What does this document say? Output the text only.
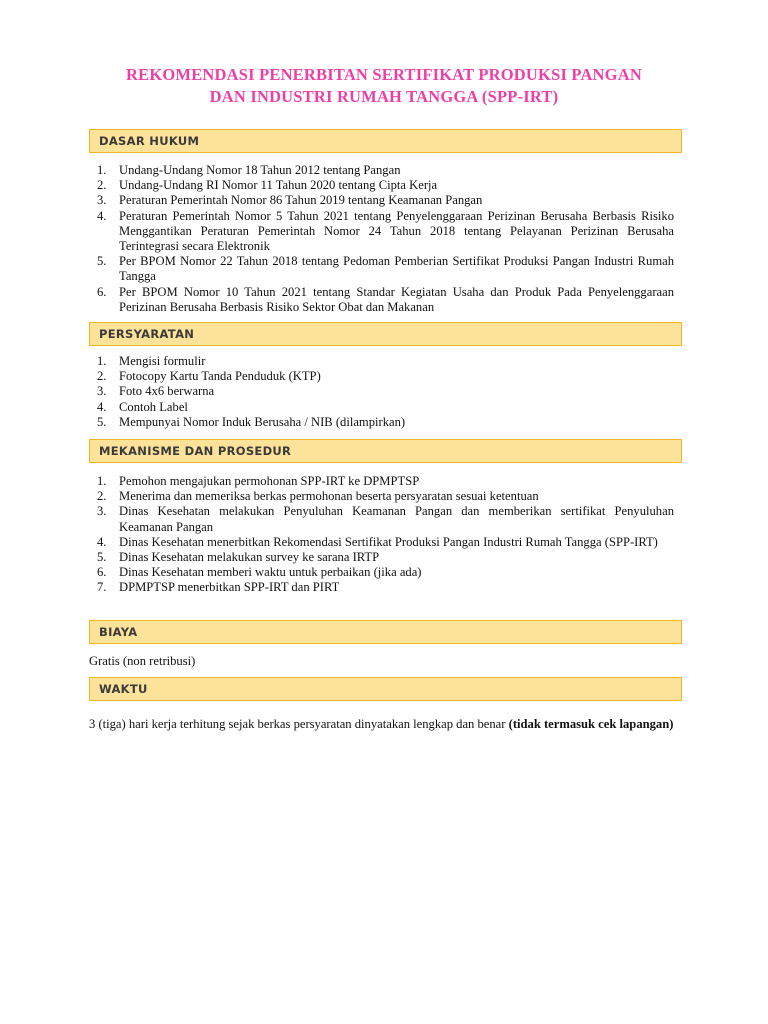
REKOMENDASI PENERBITAN SERTIFIKAT PRODUKSI PANGAN
DAN INDUSTRI RUMAH TANGGA (SPP-IRT)
DASAR HUKUM
1. Undang-Undang Nomor 18 Tahun 2012 tentang Pangan
2. Undang-Undang RI Nomor 11 Tahun 2020 tentang Cipta Kerja
3. Peraturan Pemerintah Nomor 86 Tahun 2019 tentang Keamanan Pangan
4. Peraturan Pemerintah Nomor 5 Tahun 2021 tentang Penyelenggaraan Perizinan Berusaha Berbasis Risiko Menggantikan Peraturan Pemerintah Nomor 24 Tahun 2018 tentang Pelayanan Perizinan Berusaha Terintegrasi secara Elektronik
5. Per BPOM Nomor 22 Tahun 2018 tentang Pedoman Pemberian Sertifikat Produksi Pangan Industri Rumah Tangga
6. Per BPOM Nomor 10 Tahun 2021 tentang Standar Kegiatan Usaha dan Produk Pada Penyelenggaraan Perizinan Berusaha Berbasis Risiko Sektor Obat dan Makanan
PERSYARATAN
1. Mengisi formulir
2. Fotocopy Kartu Tanda Penduduk (KTP)
3. Foto 4x6 berwarna
4. Contoh Label
5. Mempunyai Nomor Induk Berusaha / NIB (dilampirkan)
MEKANISME DAN PROSEDUR
1. Pemohon mengajukan permohonan SPP-IRT ke DPMPTSP
2. Menerima dan memeriksa berkas permohonan beserta persyaratan sesuai ketentuan
3. Dinas Kesehatan melakukan Penyuluhan Keamanan Pangan dan memberikan sertifikat Penyuluhan Keamanan Pangan
4. Dinas Kesehatan menerbitkan Rekomendasi Sertifikat Produksi Pangan Industri Rumah Tangga (SPP-IRT)
5. Dinas Kesehatan melakukan survey ke sarana IRTP
6. Dinas Kesehatan memberi waktu untuk perbaikan (jika ada)
7. DPMPTSP menerbitkan SPP-IRT dan PIRT
BIAYA
Gratis (non retribusi)
WAKTU
3 (tiga) hari kerja terhitung sejak berkas persyaratan dinyatakan lengkap dan benar (tidak termasuk cek lapangan)
